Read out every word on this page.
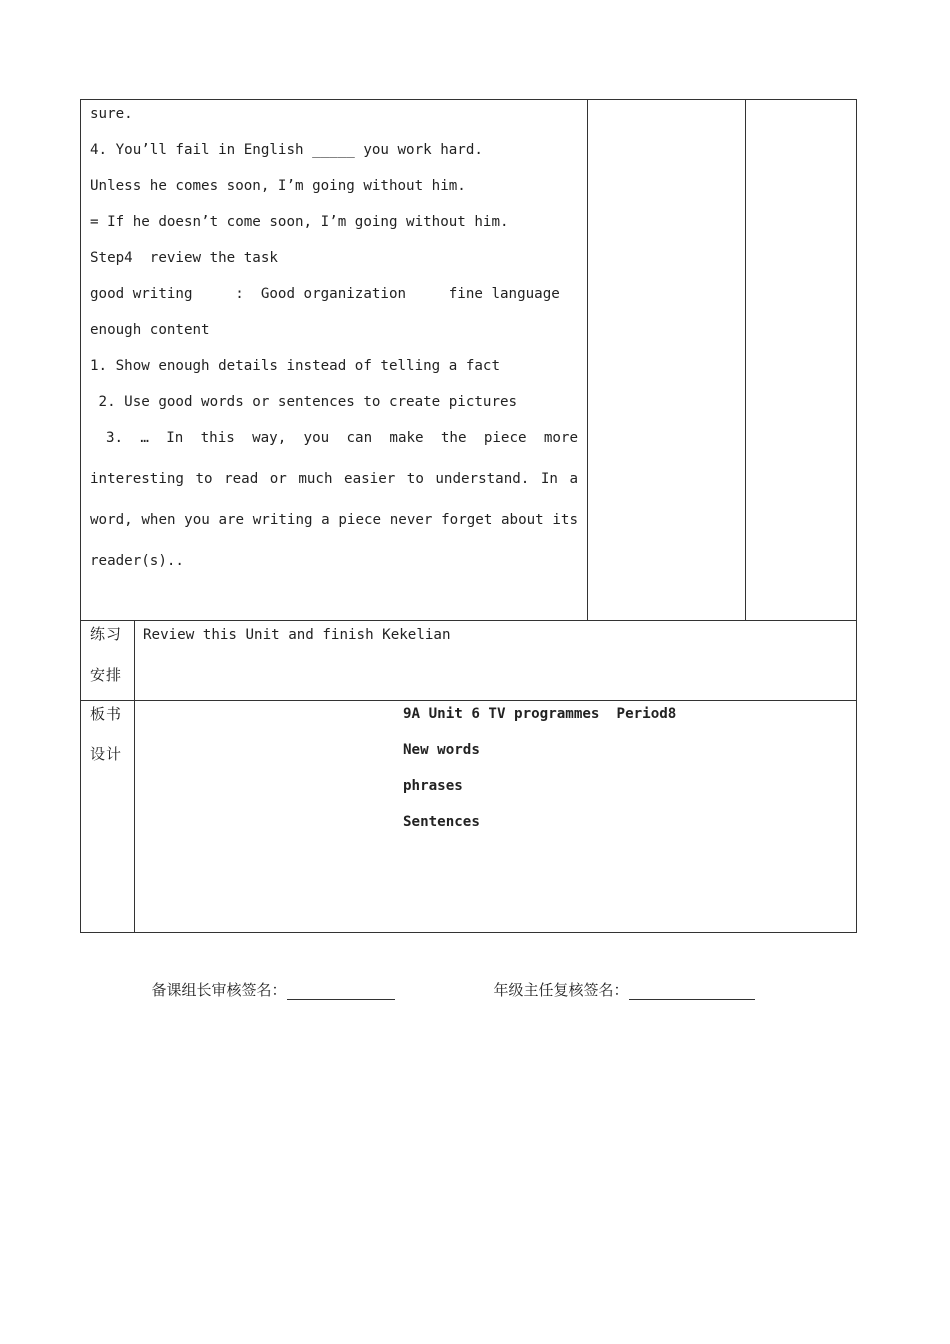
sure.
4. You’ll fail in English _____ you work hard.
Unless he comes soon, I’m going without him.
= If he doesn’t come soon, I’m going without him.
Step4  review the task
good writing     :  Good organization     fine language
enough content
1. Show enough details instead of telling a fact
2. Use good words or sentences to create pictures
3. … In this way, you can make the piece more
interesting to read or much easier to understand. In a
word, when you are writing a piece never forget about its
reader(s)..
练习
安排
Review this Unit and finish Kekelian
板书
设计
9A Unit 6 TV programmes  Period8
New words
phrases
Sentences

备课组长审核签名：	年级主任复核签名：
